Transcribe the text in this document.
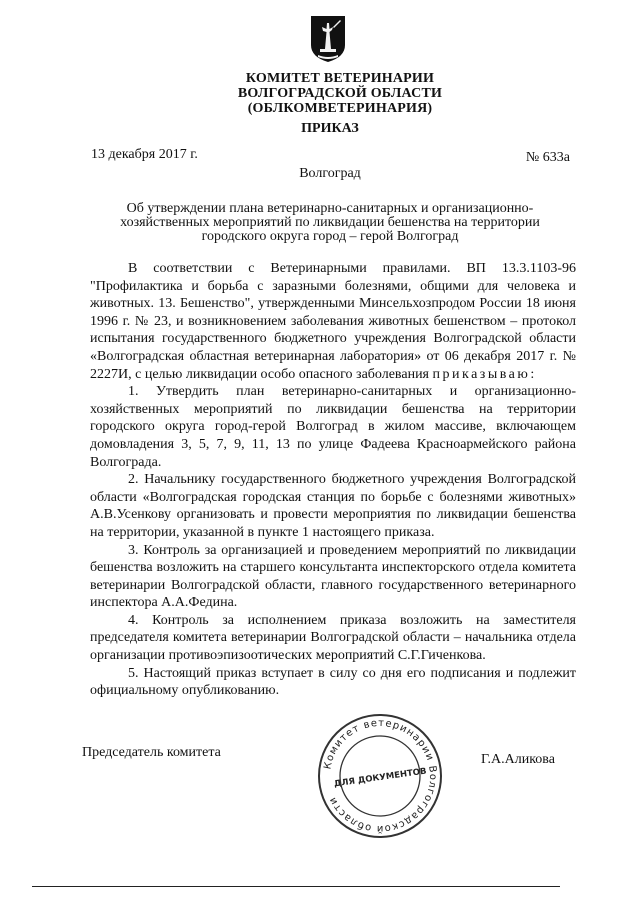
КОМИТЕТ ВЕТЕРИНАРИИ
ВОЛГОГРАДСКОЙ ОБЛАСТИ
(ОБЛКОМВЕТЕРИНАРИЯ)
ПРИКАЗ
13 декабря 2017 г.	№ 633а
Волгоград
Об утверждении плана ветеринарно-санитарных и организационно-
хозяйственных мероприятий по ликвидации бешенства на территории
городского округа город – герой Волгоград

В соответствии с Ветеринарными правилами. ВП 13.3.1103-96 "Профилактика и борьба с заразными болезнями, общими для человека и животных. 13. Бешенство", утвержденными Минсельхозпродом России 18 июня 1996 г. № 23, и возникновением заболевания животных бешенством – протокол испытания государственного бюджетного учреждения Волгоградской области «Волгоградская областная ветеринарная лаборатория» от 06 декабря 2017 г. № 2227И, с целью ликвидации особо опасного заболевания приказываю:

1. Утвердить план ветеринарно-санитарных и организационно-хозяйственных мероприятий по ликвидации бешенства на территории городского округа город-герой Волгоград в жилом массиве, включающем домовладения 3, 5, 7, 9, 11, 13 по улице Фадеева Красноармейского района Волгограда.

2. Начальнику государственного бюджетного учреждения Волгоградской области «Волгоградская городская станция по борьбе с болезнями животных» А.В.Усенкову организовать и провести мероприятия по ликвидации бешенства на территории, указанной в пункте 1 настоящего приказа.

3. Контроль за организацией и проведением мероприятий по ликвидации бешенства возложить на старшего консультанта инспекторского отдела комитета ветеринарии Волгоградской области, главного государственного ветеринарного инспектора А.А.Федина.

4. Контроль за исполнением приказа возложить на заместителя председателя комитета ветеринарии Волгоградской области – начальника отдела организации противоэпизоотических мероприятий С.Г.Гиченкова.

5. Настоящий приказ вступает в силу со дня его подписания и подлежит официальному опубликованию.

Председатель комитета
Комитет ветеринарии Волгоградской области
ДЛЯ ДОКУМЕНТОВ
Г.А.Аликова
